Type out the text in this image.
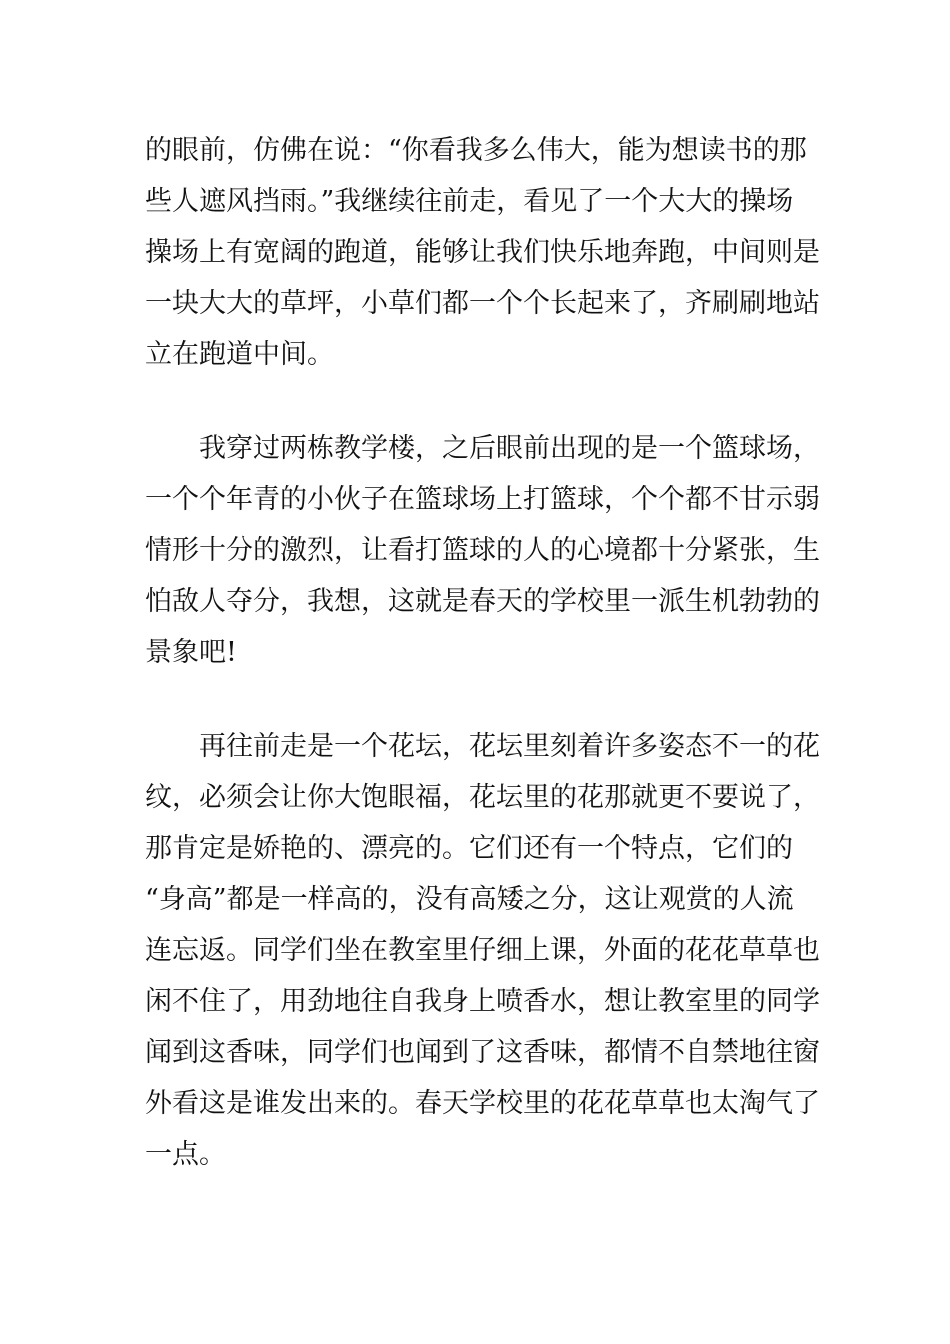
的眼前，仿佛在说：“你看我多么伟大，能为想读书的那
些人遮风挡雨。”我继续往前走，看见了一个大大的操场
操场上有宽阔的跑道，能够让我们快乐地奔跑，中间则是
一块大大的草坪，小草们都一个个长起来了，齐刷刷地站
立在跑道中间。
　　我穿过两栋教学楼，之后眼前出现的是一个篮球场，
一个个年青的小伙子在篮球场上打篮球，个个都不甘示弱
情形十分的激烈，让看打篮球的人的心境都十分紧张，生
怕敌人夺分，我想，这就是春天的学校里一派生机勃勃的
景象吧!
　　再往前走是一个花坛，花坛里刻着许多姿态不一的花
纹，必须会让你大饱眼福，花坛里的花那就更不要说了，
那肯定是娇艳的、漂亮的。它们还有一个特点，它们的
“身高”都是一样高的，没有高矮之分，这让观赏的人流
连忘返。同学们坐在教室里仔细上课，外面的花花草草也
闲不住了，用劲地往自我身上喷香水，想让教室里的同学
闻到这香味，同学们也闻到了这香味，都情不自禁地往窗
外看这是谁发出来的。春天学校里的花花草草也太淘气了
一点。
